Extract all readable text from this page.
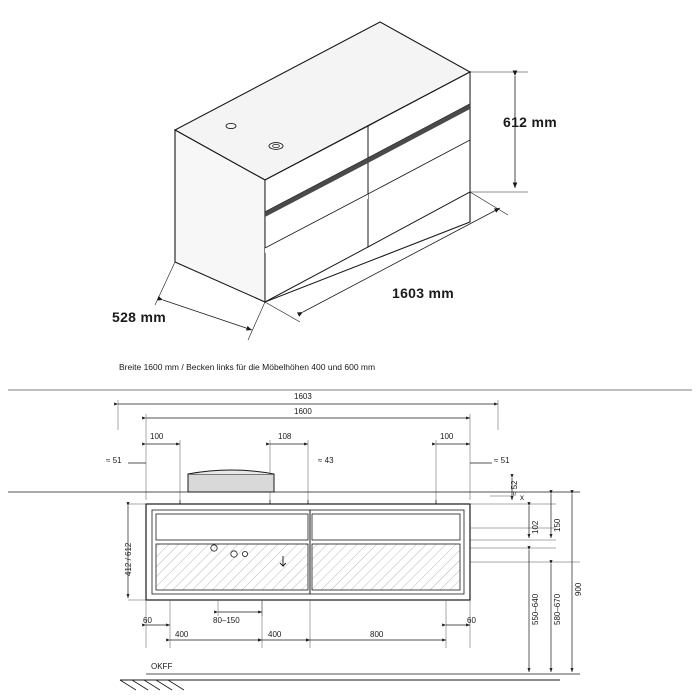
x
612 mm
1603 mm
528 mm
Breite 1600 mm / Becken links für die Möbelhöhen 400 und 600 mm
1603
1600
100	108	100
≈ 51	≈ 43	≈ 51
≈ 52
102 150
412 / 612
60	60
400	400	800
80–150	550–640 580–670
900
OKFF
